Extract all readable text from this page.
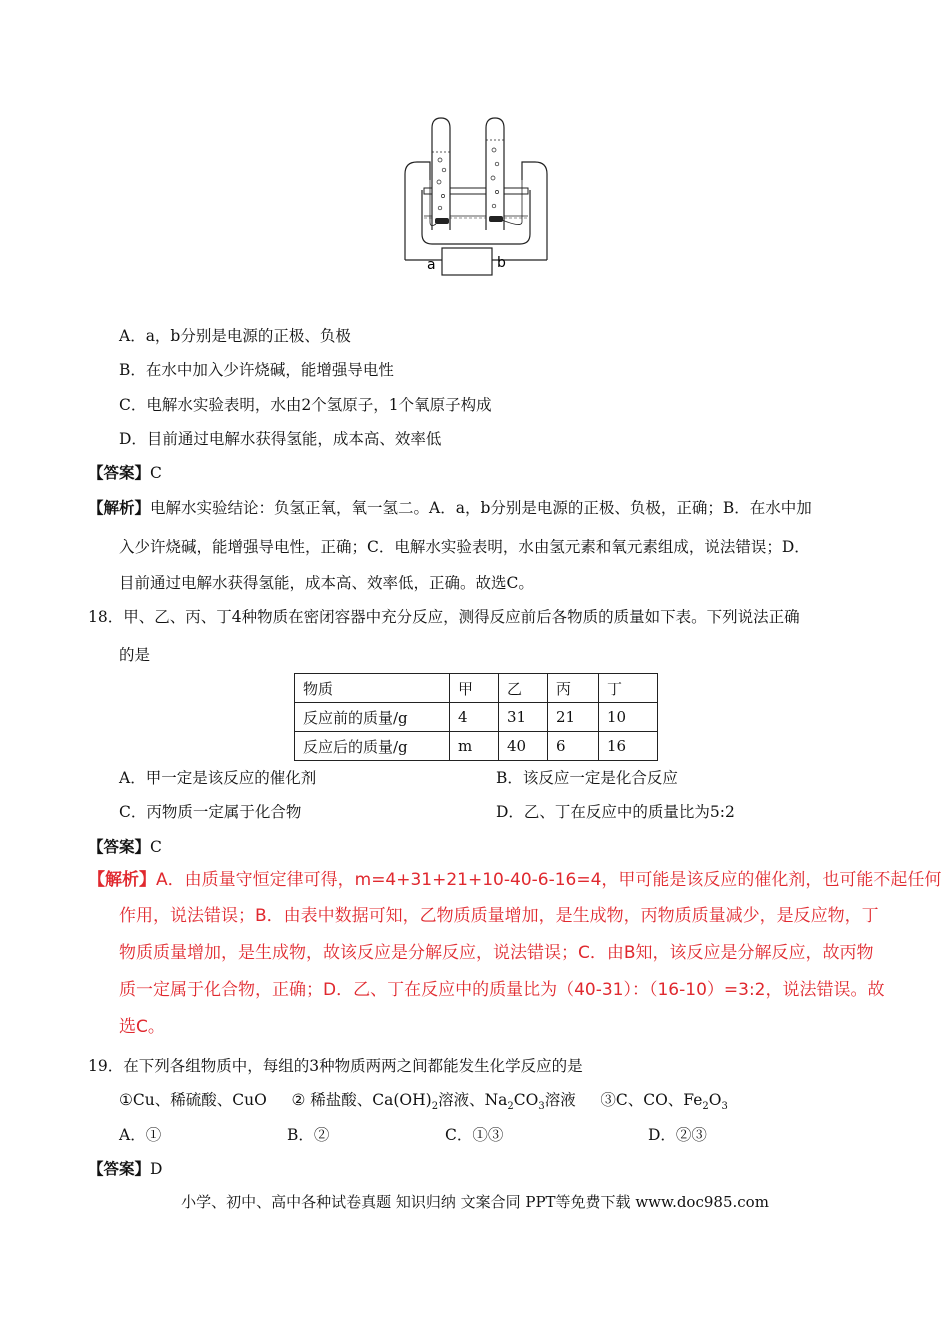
a	b
A．a，b分别是电源的正极、负极
B．在水中加入少许烧碱，能增强导电性
C．电解水实验表明，水由2个氢原子，1个氧原子构成
D．目前通过电解水获得氢能，成本高、效率低
【答案】C
【解析】电解水实验结论：负氢正氧，氧一氢二。A．a，b分别是电源的正极、负极，正确；B．在水中加
入少许烧碱，能增强导电性，正确；C．电解水实验表明，水由氢元素和氧元素组成，说法错误；D．
目前通过电解水获得氢能，成本高、效率低，正确。故选C。
18．甲、乙、丙、丁4种物质在密闭容器中充分反应，测得反应前后各物质的质量如下表。下列说法正确
的是
物质	甲	乙	丙	丁
反应前的质量/g	4	31	21	10
反应后的质量/g	m	40	6	16
A．甲一定是该反应的催化剂	B．该反应一定是化合反应
C．丙物质一定属于化合物	D．乙、丁在反应中的质量比为5:2
【答案】C
【解析】A．由质量守恒定律可得，m=4+31+21+10-40-6-16=4，甲可能是该反应的催化剂，也可能不起任何
作用，说法错误；B．由表中数据可知，乙物质质量增加，是生成物，丙物质质量减少，是反应物，丁
物质质量增加，是生成物，故该反应是分解反应，说法错误；C．由B知，该反应是分解反应，故丙物
质一定属于化合物，正确；D．乙、丁在反应中的质量比为（40-31）：（16-10）=3:2，说法错误。故
选C。
19．在下列各组物质中，每组的3种物质两两之间都能发生化学反应的是
①Cu、稀硫酸、CuO ② 稀盐酸、$Ca(OH)_2$溶液、$Na_2CO_3$溶液 ③C、CO、$Fe_2O_3$
A．①	B．②	C．①③	D．②③
【答案】D
小学、初中、高中各种试卷真题 知识归纳 文案合同 PPT等免费下载 www.doc985.com
